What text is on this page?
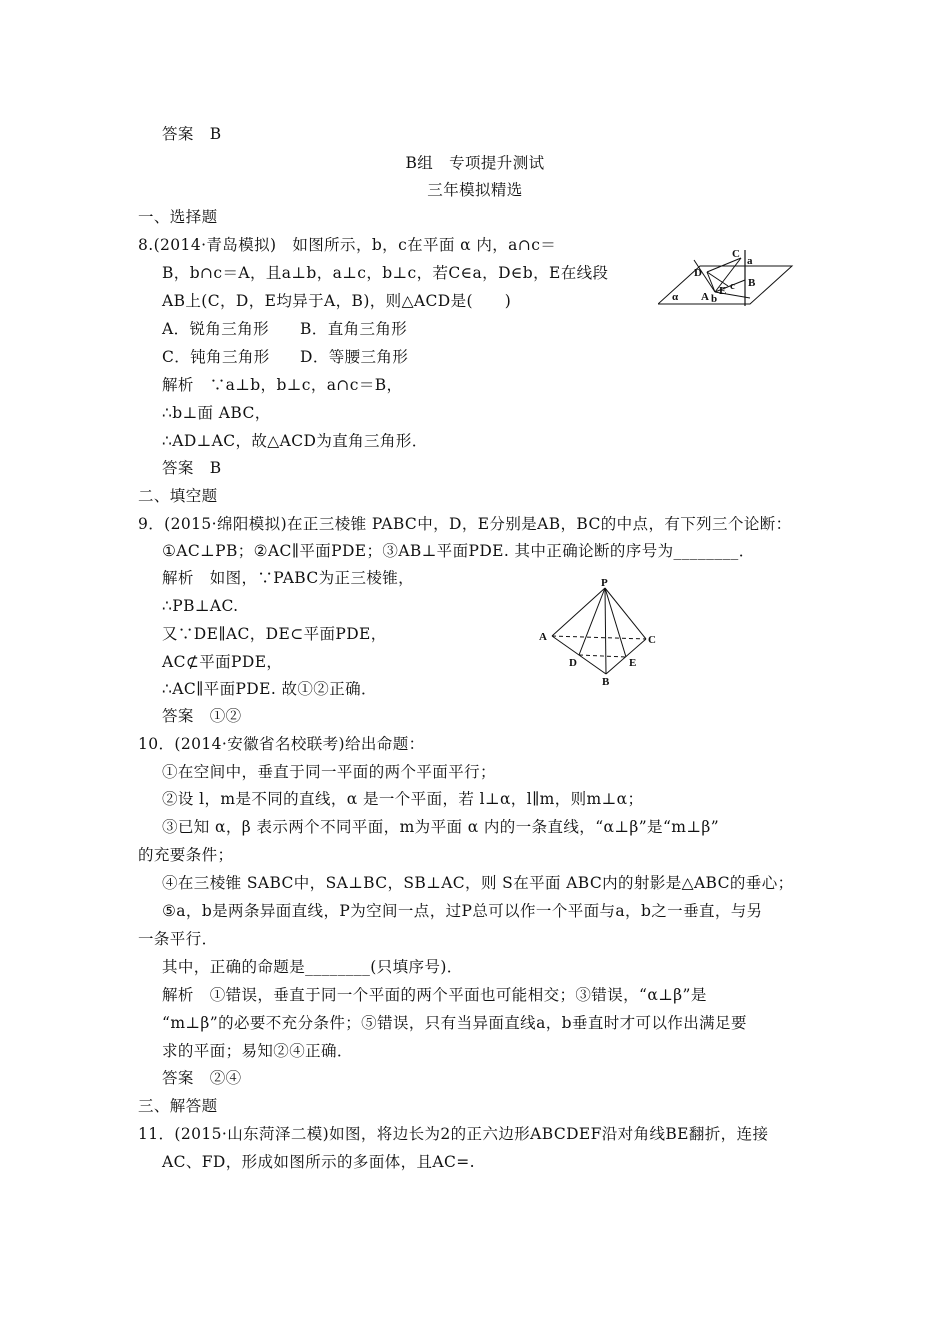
答案　B
B组　专项提升测试
三年模拟精选
一、选择题
8.(2014·青岛模拟)　如图所示，b，c在平面 α 内，a∩c＝
B，b∩c＝A，且a⊥b，a⊥c，b⊥c，若C∈a，D∈b，E在线段
AB上(C，D，E均异于A，B)，则△ACD是(　　)
A．锐角三角形 B．直角三角形
C．钝角三角形 D．等腰三角形
解析　∵a⊥b，b⊥c，a∩c＝B，
∴b⊥面 ABC，
∴AD⊥AC，故△ACD为直角三角形．
答案　B
C
a
D
B
E c
A b
α
二、填空题
9．(2015·绵阳模拟)在正三棱锥 PABC中，D，E分别是AB，BC的中点，有下列三个论断：
①AC⊥PB；②AC∥平面PDE；③AB⊥平面PDE. 其中正确论断的序号为________．
解析　如图，∵PABC为正三棱锥，
∴PB⊥AC.
又∵DE∥AC，DE⊂平面PDE，
AC⊄平面PDE，
∴AC∥平面PDE. 故①②正确．
答案　①②
P
A	C
D	E
B
10．(2014·安徽省名校联考)给出命题：
①在空间中，垂直于同一平面的两个平面平行；
②设 l，m是不同的直线，α 是一个平面，若 l⊥α，l∥m，则m⊥α；
③已知 α，β 表示两个不同平面，m为平面 α 内的一条直线，“α⊥β”是“m⊥β”
的充要条件；
④在三棱锥 SABC中，SA⊥BC，SB⊥AC，则 S在平面 ABC内的射影是△ABC的垂心；
⑤a，b是两条异面直线，P为空间一点，过P总可以作一个平面与a，b之一垂直，与另
一条平行．
其中，正确的命题是________(只填序号)．
解析　①错误，垂直于同一个平面的两个平面也可能相交；③错误，“α⊥β”是
“m⊥β”的必要不充分条件；⑤错误，只有当异面直线a，b垂直时才可以作出满足要
求的平面；易知②④正确．
答案　②④
三、解答题
11．(2015·山东菏泽二模)如图，将边长为2的正六边形ABCDEF沿对角线BE翻折，连接
AC、FD，形成如图所示的多面体，且AC=.
